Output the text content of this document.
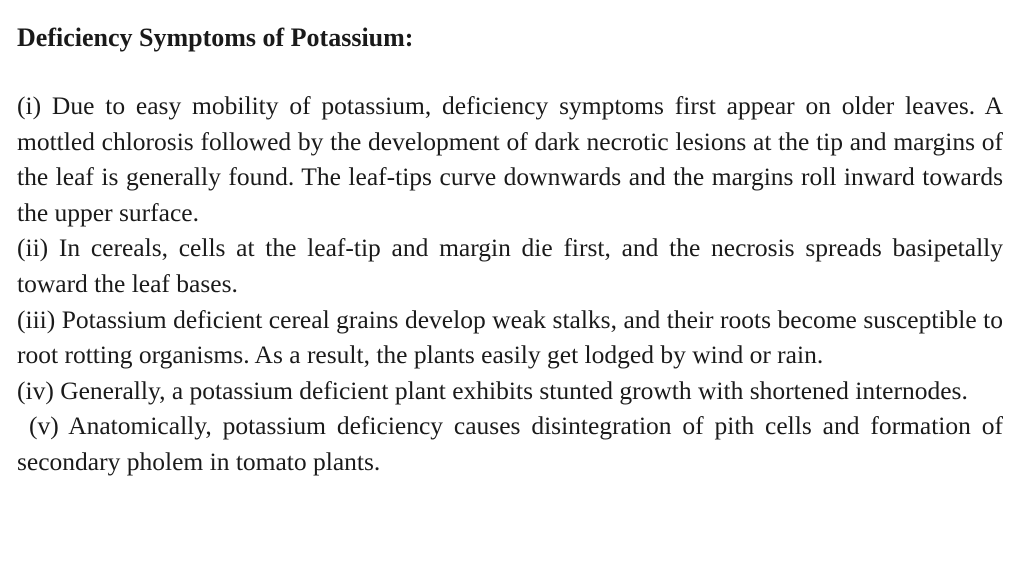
Deficiency Symptoms of Potassium:

(i) Due to easy mobility of potassium, deficiency symptoms first appear on older leaves. A mottled chlorosis followed by the development of dark necrotic lesions at the tip and margins of the leaf is generally found. The leaf-tips curve downwards and the margins roll inward towards the upper surface.

(ii) In cereals, cells at the leaf-tip and margin die first, and the necrosis spreads basipetally toward the leaf bases.

(iii) Potassium deficient cereal grains develop weak stalks, and their roots become susceptible to root rotting organisms. As a result, the plants easily get lodged by wind or rain.

(iv) Generally, a potassium deficient plant exhibits stunted growth with shortened internodes.

(v) Anatomically, potassium deficiency causes disintegration of pith cells and formation of secondary pholem in tomato plants.
